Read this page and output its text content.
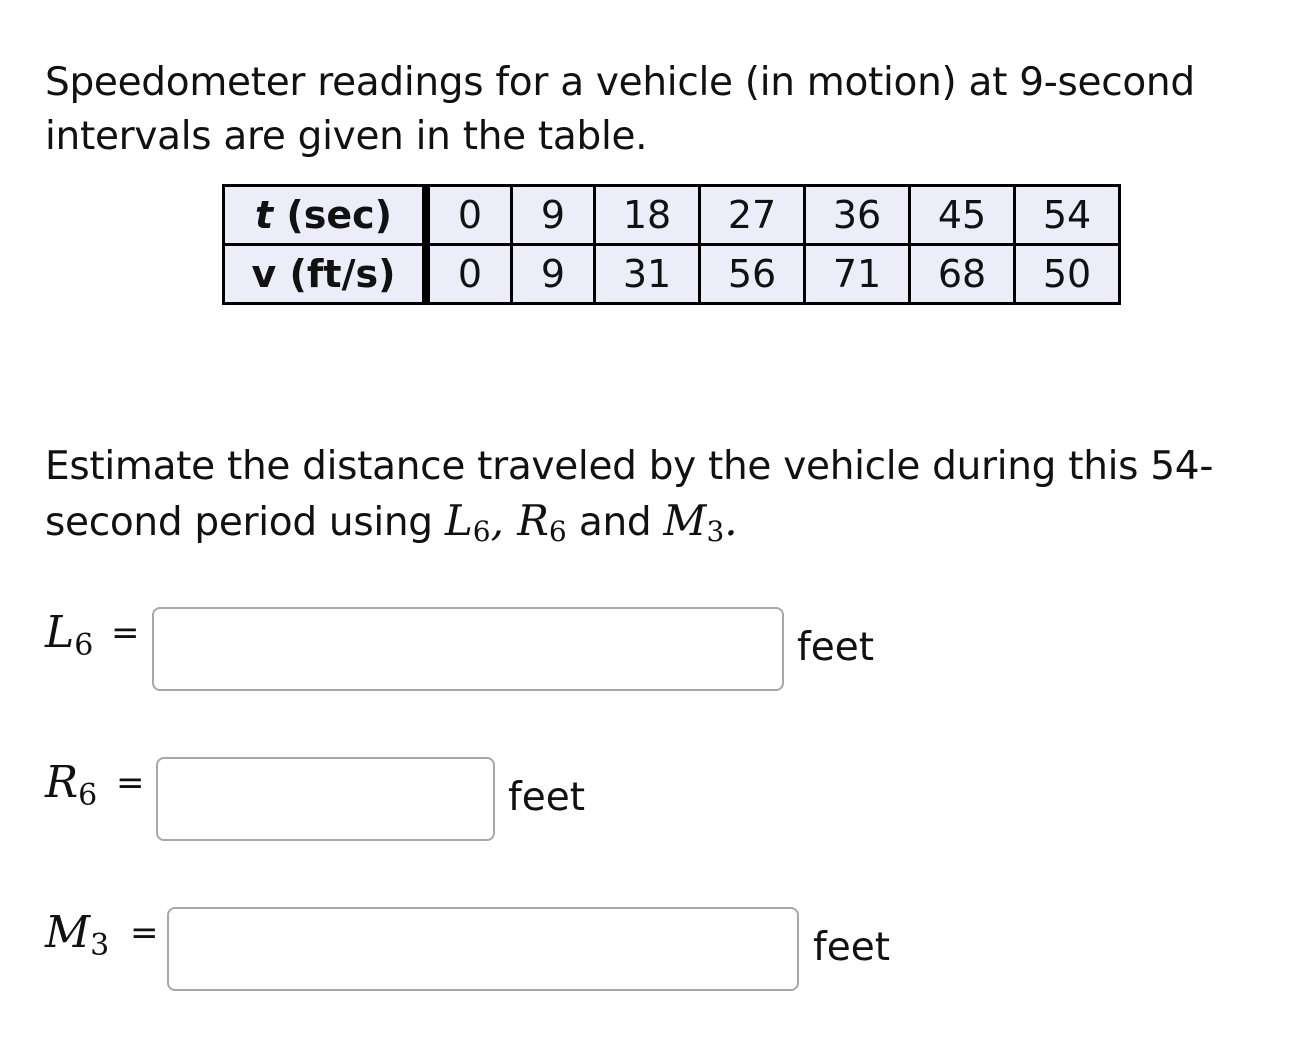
Speedometer readings for a vehicle (in motion) at 9-second intervals are given in the table.

t (sec)	0	9	18	27	36	45	54
v (ft/s)	0	9	31	56	71	68	50

Estimate the distance traveled by the vehicle during this 54-second period using $L_6$, $R_6$ and $M_3$.

$L_6$ =	feet
$R_6$ =	feet
$M_3$ =	feet
